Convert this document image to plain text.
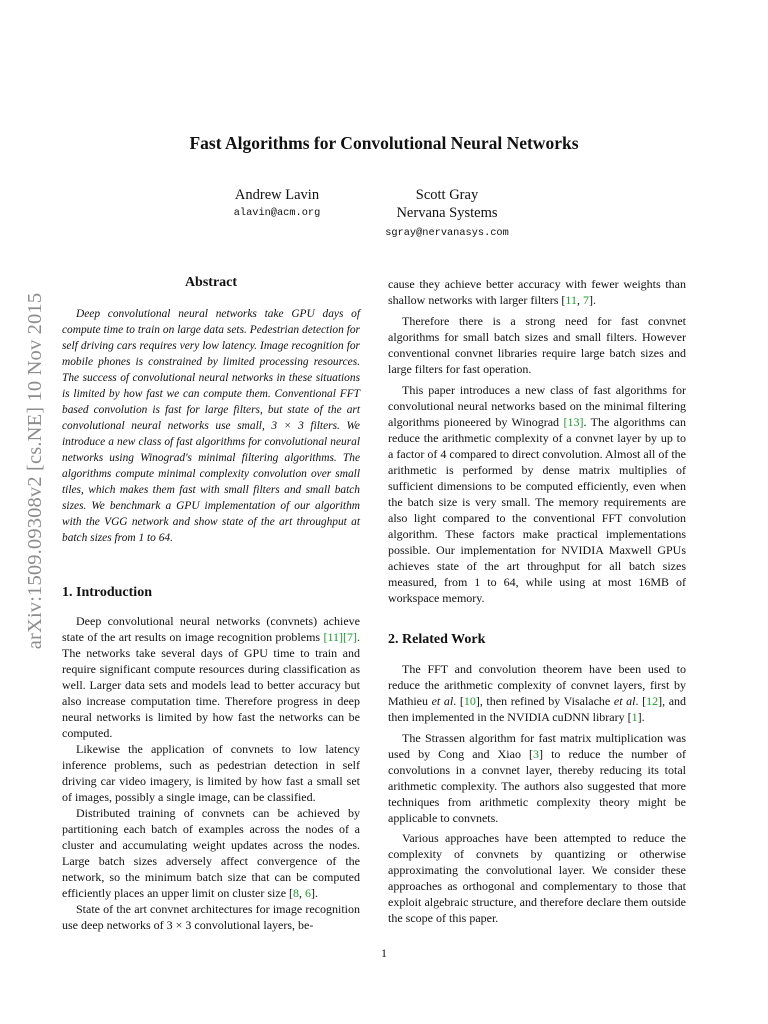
Fast Algorithms for Convolutional Neural Networks
Andrew Lavin
alavin@acm.org
Scott Gray
Nervana Systems
sgray@nervanasys.com
arXiv:1509.09308v2 [cs.NE] 10 Nov 2015
Abstract
Deep convolutional neural networks take GPU days of compute time to train on large data sets. Pedestrian detection for self driving cars requires very low latency. Image recognition for mobile phones is constrained by limited processing resources. The success of convolutional neural networks in these situations is limited by how fast we can compute them. Conventional FFT based convolution is fast for large filters, but state of the art convolutional neural networks use small, 3 × 3 filters. We introduce a new class of fast algorithms for convolutional neural networks using Winograd's minimal filtering algorithms. The algorithms compute minimal complexity convolution over small tiles, which makes them fast with small filters and small batch sizes. We benchmark a GPU implementation of our algorithm with the VGG network and show state of the art throughput at batch sizes from 1 to 64.
1. Introduction
Deep convolutional neural networks (convnets) achieve state of the art results on image recognition problems [11][7]. The networks take several days of GPU time to train and require significant compute resources during classification as well. Larger data sets and models lead to better accuracy but also increase computation time. Therefore progress in deep neural networks is limited by how fast the networks can be computed.
Likewise the application of convnets to low latency inference problems, such as pedestrian detection in self driving car video imagery, is limited by how fast a small set of images, possibly a single image, can be classified.
Distributed training of convnets can be achieved by partitioning each batch of examples across the nodes of a cluster and accumulating weight updates across the nodes. Large batch sizes adversely affect convergence of the network, so the minimum batch size that can be computed efficiently places an upper limit on cluster size [8, 6].
State of the art convnet architectures for image recognition use deep networks of 3 × 3 convolutional layers, be-
cause they achieve better accuracy with fewer weights than shallow networks with larger filters [11, 7].
Therefore there is a strong need for fast convnet algorithms for small batch sizes and small filters. However conventional convnet libraries require large batch sizes and large filters for fast operation.
This paper introduces a new class of fast algorithms for convolutional neural networks based on the minimal filtering algorithms pioneered by Winograd [13]. The algorithms can reduce the arithmetic complexity of a convnet layer by up to a factor of 4 compared to direct convolution. Almost all of the arithmetic is performed by dense matrix multiplies of sufficient dimensions to be computed efficiently, even when the batch size is very small. The memory requirements are also light compared to the conventional FFT convolution algorithm. These factors make practical implementations possible. Our implementation for NVIDIA Maxwell GPUs achieves state of the art throughput for all batch sizes measured, from 1 to 64, while using at most 16MB of workspace memory.
2. Related Work
The FFT and convolution theorem have been used to reduce the arithmetic complexity of convnet layers, first by Mathieu et al. [10], then refined by Visalache et al. [12], and then implemented in the NVIDIA cuDNN library [1].
The Strassen algorithm for fast matrix multiplication was used by Cong and Xiao [3] to reduce the number of convolutions in a convnet layer, thereby reducing its total arithmetic complexity. The authors also suggested that more techniques from arithmetic complexity theory might be applicable to convnets.
Various approaches have been attempted to reduce the complexity of convnets by quantizing or otherwise approximating the convolutional layer. We consider these approaches as orthogonal and complementary to those that exploit algebraic structure, and therefore declare them outside the scope of this paper.
1
